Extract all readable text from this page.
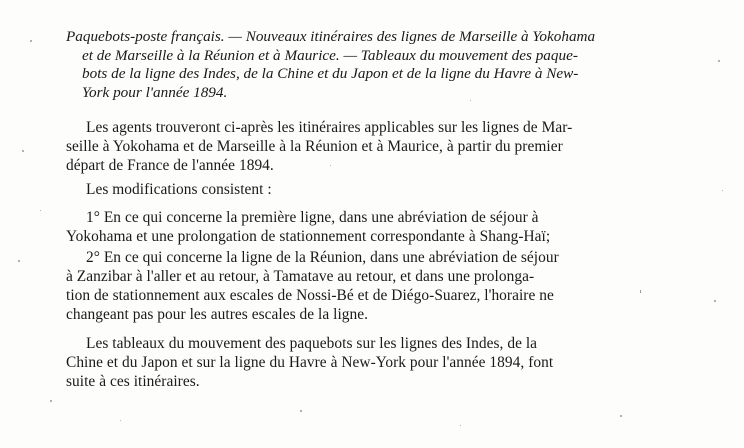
Paquebots-poste français. — Nouveaux itinéraires des lignes de Marseille à Yokohama
et de Marseille à la Réunion et à Maurice. — Tableaux du mouvement des paque-
bots de la ligne des Indes, de la Chine et du Japon et de la ligne du Havre à New-
York pour l'année 1894.
Les agents trouveront ci-après les itinéraires applicables sur les lignes de Mar-
seille à Yokohama et de Marseille à la Réunion et à Maurice, à partir du premier
départ de France de l'année 1894.
Les modifications consistent :
1° En ce qui concerne la première ligne, dans une abréviation de séjour à
Yokohama et une prolongation de stationnement correspondante à Shang-Haï;
2° En ce qui concerne la ligne de la Réunion, dans une abréviation de séjour
à Zanzibar à l'aller et au retour, à Tamatave au retour, et dans une prolonga-
tion de stationnement aux escales de Nossi-Bé et de Diégo-Suarez, l'horaire ne
changeant pas pour les autres escales de la ligne.
Les tableaux du mouvement des paquebots sur les lignes des Indes, de la
Chine et du Japon et sur la ligne du Havre à New-York pour l'année 1894, font
suite à ces itinéraires.
